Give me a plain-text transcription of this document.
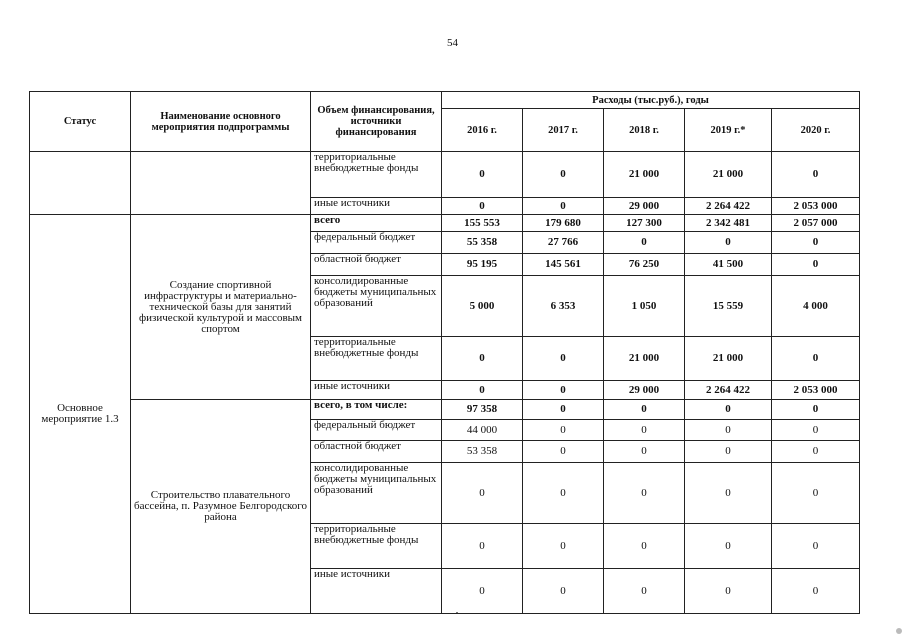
54
Статус	Наименование основного мероприятия подпрограммы	Объем финансирования, источники финансирования	Расходы (тыс.руб.), годы				
			2016 г.	2017 г.	2018 г.	2019 г.*	2020 г.
		территориальные внебюджетные фонды	0	0	21 000	21 000	0
		иные источники	0	0	29 000	2 264 422	2 053 000
Основное мероприятие 1.3	Создание спортивной инфраструктуры и материально-технической базы для занятий физической культурой и массовым спортом	всего	155 553	179 680	127 300	2 342 481	2 057 000
		федеральный бюджет	55 358	27 766	0	0	0
		областной бюджет	95 195	145 561	76 250	41 500	0
		консолидированные бюджеты муниципальных образований	5 000	6 353	1 050	15 559	4 000
		территориальные внебюджетные фонды	0	0	21 000	21 000	0
		иные источники	0	0	29 000	2 264 422	2 053 000
	Строительство плавательного бассейна, п. Разумное Белгородского района	всего, в том числе:	97 358	0	0	0	0
		федеральный бюджет	44 000	0	0	0	0
		областной бюджет	53 358	0	0	0	0
		консолидированные бюджеты муниципальных образований	0	0	0	0	0
		территориальные внебюджетные фонды	0	0	0	0	0
		иные источники	0	0	0	0	0
